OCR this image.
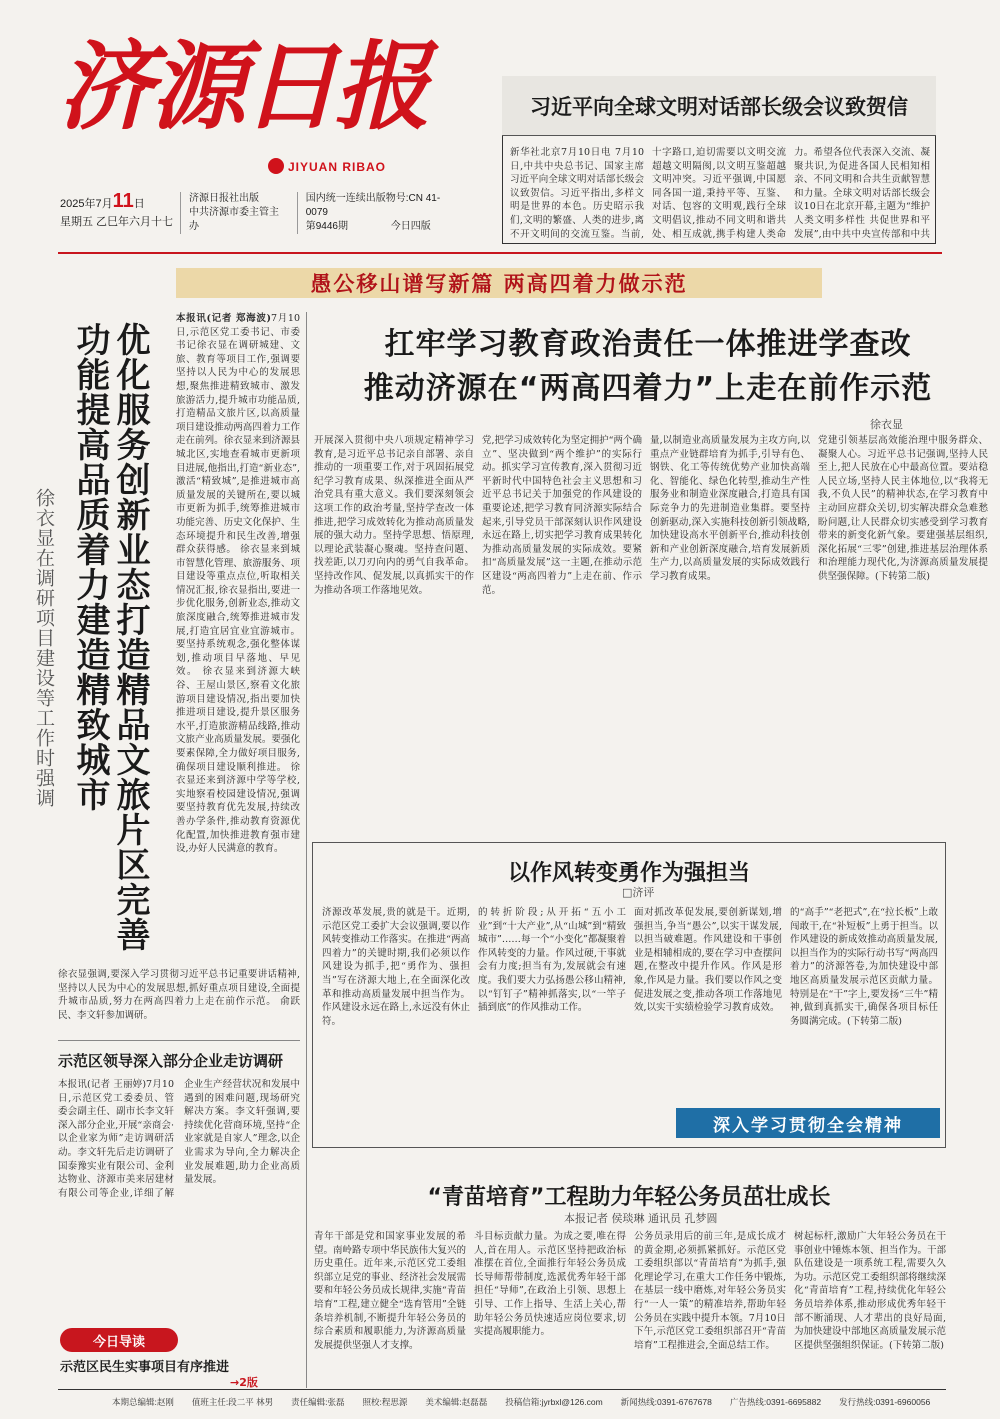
济源日报
JIYUAN RIBAO
2025年7月11日
星期五 乙巳年六月十七
济源日报社出版
中共济源市委主管主办
国内统一连续出版物号:CN 41-0079
第9446期	今日四版
习近平向全球文明对话部长级会议致贺信
新华社北京7月10日电 7月10日,中共中央总书记、国家主席习近平向全球文明对话部长级会议致贺信。习近平指出,多样文明是世界的本色。历史昭示我们,文明的繁盛、人类的进步,离不开文明间的交流互鉴。当前,
十字路口,迫切需要以文明交流超越文明隔阂,以文明互鉴超越文明冲突。习近平强调,中国愿同各国一道,秉持平等、互鉴、对话、包容的文明观,践行全球文明倡议,推动不同文明和谐共处、相互成就,携手构建人类命
力。希望各位代表深入交流、凝聚共识,为促进各国人民相知相亲、不同文明和合共生贡献智慧和力量。全球文明对话部长级会议10日在北京开幕,主题为“维护人类文明多样性 共促世界和平发展”,由中共中央宣传部和中共
愚公移山谱写新篇 两高四着力做示范
优化服务创新业态打造精品文旅片区完善功能提高品质着力建造精致城市
徐衣显在调研项目建设等工作时强调
本报讯(记者 郑海波)7月10日,示范区党工委书记、市委书记徐衣显在调研城建、文旅、教育等项目工作,强调要坚持以人民为中心的发展思想,聚焦推进精致城市、激发旅游活力,提升城市功能品质,打造精品文旅片区,以高质量项目建设推动两高四着力工作走在前列。徐衣显来到济源县城北区,实地查看城市更新项目进展,他指出,打造“新业态”,激活“精致城”,是推进城市高质量发展的关键所在,要以城市更新为抓手,统筹推进城市功能完善、历史文化保护、生态环境提升和民生改善,增强群众获得感。 徐衣显来到城市智慧化管理、旅游服务、项目建设等重点点位,听取相关情况汇报,徐衣显指出,要进一步优化服务,创新业态,推动文旅深度融合,统筹推进城市发展,打造宜居宜业宜游城市。要坚持系统观念,强化整体谋划,推动项目早落地、早见效。 徐衣显来到济源大峡谷、王屋山景区,察看文化旅游项目建设情况,指出要加快推进项目建设,提升景区服务水平,打造旅游精品线路,推动文旅产业高质量发展。要强化要素保障,全力做好项目服务,确保项目建设顺利推进。 徐衣显还来到济源中学等学校,实地察看校园建设情况,强调要坚持教育优先发展,持续改善办学条件,推动教育资源优化配置,加快推进教育强市建设,办好人民满意的教育。
徐衣显强调,要深入学习贯彻习近平总书记重要讲话精神,坚持以人民为中心的发展思想,抓好重点项目建设,全面提升城市品质,努力在两高四着力上走在前作示范。 俞跃民、李文轩参加调研。
示范区领导深入部分企业走访调研
本报讯(记者 王丽婷)7月10日,示范区党工委委员、管委会副主任、副市长李文轩深入部分企业,开展“亲商会·以企业家为师”走访调研活动。李文轩先后走访调研了国泰豫实业有限公司、金利达物业、济源市美来居建材有限公司等企业,详细了解企业生产经营状况和发展中遇到的困难问题,现场研究解决方案。李文轩强调,要持续优化营商环境,坚持“企业家就是自家人”理念,以企业需求为导向,全力解决企业发展难题,助力企业高质量发展。
今日导读
示范区民生实事项目有序推进
→2版
扛牢学习教育政治责任一体推进学查改
推动济源在“两高四着力”上走在前作示范
徐衣显
开展深入贯彻中央八项规定精神学习教育,是习近平总书记亲自部署、亲自推动的一项重要工作,对于巩固拓展党纪学习教育成果、纵深推进全面从严治党具有重大意义。我们要深刻领会这项工作的政治考量,坚持学查改一体推进,把学习成效转化为推动高质量发展的强大动力。坚持学思想、悟原理,以理论武装凝心聚魂。坚持查问题、找差距,以刀刃向内的勇气自我革命。坚持改作风、促发展,以真抓实干的作为推动各项工作落地见效。
党,把学习成效转化为坚定拥护“两个确立”、坚决做到“两个维护”的实际行动。抓实学习宣传教育,深入贯彻习近平新时代中国特色社会主义思想和习近平总书记关于加强党的作风建设的重要论述,把学习教育同济源实际结合起来,引导党员干部深刻认识作风建设永远在路上,切实把学习教育成果转化为推动高质量发展的实际成效。要紧扣“高质量发展”这一主题,在推动示范区建设“两高四着力”上走在前、作示范。
量,以制造业高质量发展为主攻方向,以重点产业链群培育为抓手,引导有色、钢铁、化工等传统优势产业加快高端化、智能化、绿色化转型,推动生产性服务业和制造业深度融合,打造具有国际竞争力的先进制造业集群。要坚持创新驱动,深入实施科技创新引领战略,加快建设高水平创新平台,推动科技创新和产业创新深度融合,培育发展新质生产力,以高质量发展的实际成效践行学习教育成果。
党建引领基层高效能治理中服务群众、凝聚人心。习近平总书记强调,坚持人民至上,把人民放在心中最高位置。要站稳人民立场,坚持人民主体地位,以“我将无我,不负人民”的精神状态,在学习教育中主动回应群众关切,切实解决群众急难愁盼问题,让人民群众切实感受到学习教育带来的新变化新气象。要建强基层组织,深化拓展“三零”创建,推进基层治理体系和治理能力现代化,为济源高质量发展提供坚强保障。(下转第二版)
以作风转变勇作为强担当
□济评
济源改革发展,贵的就是干。近期,示范区党工委扩大会议强调,要以作风转变推动工作落实。在推进“两高四着力”的关键时期,我们必须以作风建设为抓手,把“勇作为、强担当”写在济源大地上,在全面深化改革和推动高质量发展中担当作为。作风建设永远在路上,永远没有休止符。
的转折阶段;从开拓“五小工业”到“十大产业”,从“山城”到“精致城市”……每一个“小变化”都凝聚着作风转变的力量。作风过硬,干事就会有力度;担当有为,发展就会有速度。我们要大力弘扬愚公移山精神,以“钉钉子”精神抓落实,以“一竿子插到底”的作风推动工作。
面对抓改革促发展,要创新谋划,增强担当,争当“愚公”,以实干谋发展,以担当破难题。作风建设和干事创业是相辅相成的,要在学习中查摆问题,在整改中提升作风。作风是形象,作风是力量。我们要以作风之变促进发展之变,推动各项工作落地见效,以实干实绩检验学习教育成效。
的“高手”“老把式”,在“拉长板”上敢闯敢干,在“补短板”上勇于担当。以作风建设的新成效推动高质量发展,以担当作为的实际行动书写“两高四着力”的济源答卷,为加快建设中部地区高质量发展示范区贡献力量。特别是在“干”字上,要发扬“三牛”精神,做到真抓实干,确保各项目标任务圆满完成。(下转第二版)
深入学习贯彻全会精神
“青苗培育”工程助力年轻公务员茁壮成长
本报记者 侯琰琳 通讯员 孔梦圆
青年干部是党和国家事业发展的希望。南岭路专项中华民族伟大复兴的历史重任。近年来,示范区党工委组织部立足党的事业、经济社会发展需要和年轻公务员成长规律,实施“青苗培育”工程,建立健全“选育管用”全链条培养机制,不断提升年轻公务员的综合素质和履职能力,为济源高质量发展提供坚强人才支撑。
斗目标贡献力量。为成之要,唯在得人,首在用人。示范区坚持把政治标准摆在首位,全面推行年轻公务员成长导师帮带制度,选派优秀年轻干部担任“导师”,在政治上引领、思想上引导、工作上指导、生活上关心,帮助年轻公务员快速适应岗位要求,切实提高履职能力。
公务员录用后的前三年,是成长成才的黄金期,必须抓紧抓好。示范区党工委组织部以“青苗培育”为抓手,强化理论学习,在重大工作任务中锻炼,在基层一线中磨炼,对年轻公务员实行“一人一策”的精准培养,帮助年轻公务员在实践中提升本领。7月10日下午,示范区党工委组织部召开“青苗培育”工程推进会,全面总结工作。
树起标杆,激励广大年轻公务员在干事创业中锤炼本领、担当作为。干部队伍建设是一项系统工程,需要久久为功。示范区党工委组织部将继续深化“青苗培育”工程,持续优化年轻公务员培养体系,推动形成优秀年轻干部不断涌现、人才辈出的良好局面,为加快建设中部地区高质量发展示范区提供坚强组织保证。(下转第二版)
本期总编辑:赵刚 值班主任:段二平 林男 责任编辑:张磊 照校:程思源 美术编辑:赵磊磊 投稿信箱:jyrbxl@126.com 新闻热线:0391-6767678 广告热线:0391-6695882 发行热线:0391-6960056
